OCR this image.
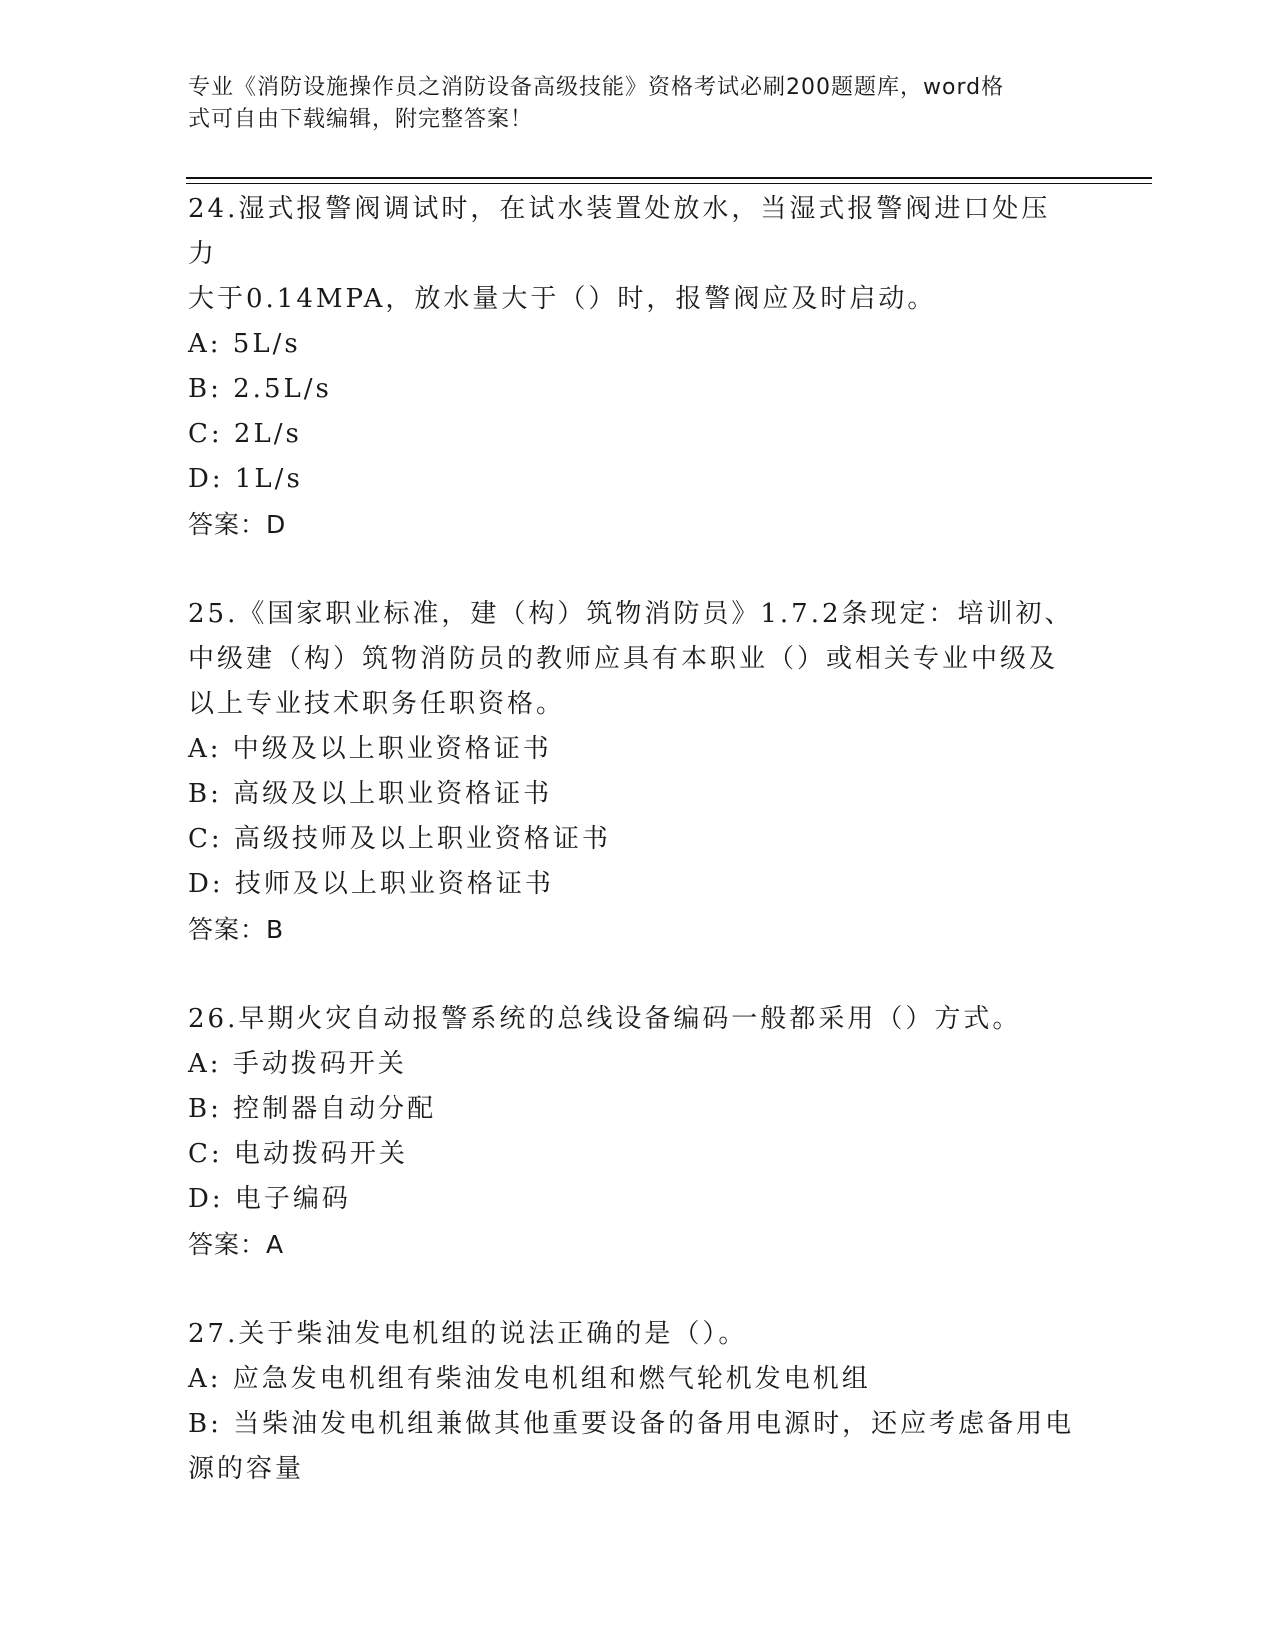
专业《消防设施操作员之消防设备高级技能》资格考试必刷200题题库，word格
式可自由下载编辑，附完整答案！

24.湿式报警阀调试时，在试水装置处放水，当湿式报警阀进口处压力

大于0.14MPA，放水量大于（）时，报警阀应及时启动。

A: 5L/s

B: 2.5L/s

C: 2L/s

D: 1L/s

答案：D

25.《国家职业标准，建（构）筑物消防员》1.7.2条现定：培训初、

中级建（构）筑物消防员的教师应具有本职业（）或相关专业中级及

以上专业技术职务任职资格。

A: 中级及以上职业资格证书

B: 高级及以上职业资格证书

C: 高级技师及以上职业资格证书

D: 技师及以上职业资格证书

答案：B

26.早期火灾自动报警系统的总线设备编码一般都采用（）方式。

A: 手动拨码开关

B: 控制器自动分配

C: 电动拨码开关

D: 电子编码

答案：A

27.关于柴油发电机组的说法正确的是（）。

A: 应急发电机组有柴油发电机组和燃气轮机发电机组

B: 当柴油发电机组兼做其他重要设备的备用电源时，还应考虑备用电

源的容量
